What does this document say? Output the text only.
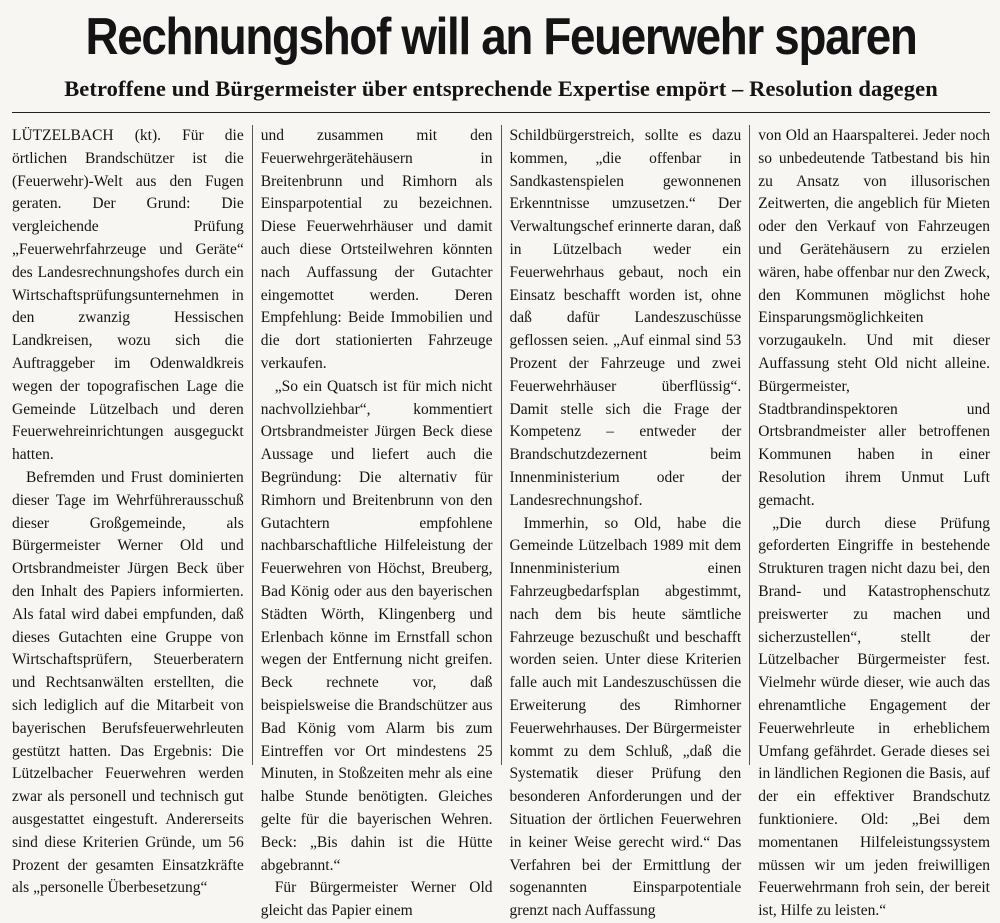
Rechnungshof will an Feuerwehr sparen
Betroffene und Bürgermeister über entsprechende Expertise empört – Resolution dagegen

LÜTZELBACH (kt). Für die örtlichen Brandschützer ist die (Feuerwehr)-Welt aus den Fugen geraten. Der Grund: Die vergleichende Prüfung „Feuerwehrfahrzeuge und Geräte“ des Landesrechnungshofes durch ein Wirtschaftsprüfungsunternehmen in den zwanzig Hessischen Landkreisen, wozu sich die Auftraggeber im Odenwaldkreis wegen der topografischen Lage die Gemeinde Lützelbach und deren Feuerwehreinrichtungen ausgeguckt hatten.

Befremden und Frust dominierten dieser Tage im Wehrführerausschuß dieser Großgemeinde, als Bürgermeister Werner Old und Ortsbrandmeister Jürgen Beck über den Inhalt des Papiers informierten. Als fatal wird dabei empfunden, daß dieses Gutachten eine Gruppe von Wirtschaftsprüfern, Steuerberatern und Rechtsanwälten erstellten, die sich lediglich auf die Mitarbeit von bayerischen Berufsfeuerwehrleuten gestützt hatten. Das Ergebnis: Die Lützelbacher Feuerwehren werden zwar als personell und technisch gut ausgestattet eingestuft. Andererseits sind diese Kriterien Gründe, um 56 Prozent der gesamten Einsatzkräfte als „personelle Überbesetzung“

und zusammen mit den Feuerwehrgerätehäusern in Breitenbrunn und Rimhorn als Einsparpotential zu bezeichnen. Diese Feuerwehrhäuser und damit auch diese Ortsteilwehren könnten nach Auffassung der Gutachter eingemottet werden. Deren Empfehlung: Beide Immobilien und die dort stationierten Fahrzeuge verkaufen.

„So ein Quatsch ist für mich nicht nachvollziehbar“, kommentiert Ortsbrandmeister Jürgen Beck diese Aussage und liefert auch die Begründung: Die alternativ für Rimhorn und Breitenbrunn von den Gutachtern empfohlene nachbarschaftliche Hilfeleistung der Feuerwehren von Höchst, Breuberg, Bad König oder aus den bayerischen Städten Wörth, Klingenberg und Erlenbach könne im Ernstfall schon wegen der Entfernung nicht greifen. Beck rechnete vor, daß beispielsweise die Brandschützer aus Bad König vom Alarm bis zum Eintreffen vor Ort mindestens 25 Minuten, in Stoßzeiten mehr als eine halbe Stunde benötigten. Gleiches gelte für die bayerischen Wehren. Beck: „Bis dahin ist die Hütte abgebrannt.“

Für Bürgermeister Werner Old gleicht das Papier einem

Schildbürgerstreich, sollte es dazu kommen, „die offenbar in Sandkastenspielen gewonnenen Erkenntnisse umzusetzen.“ Der Verwaltungschef erinnerte daran, daß in Lützelbach weder ein Feuerwehrhaus gebaut, noch ein Einsatz beschafft worden ist, ohne daß dafür Landeszuschüsse geflossen seien. „Auf einmal sind 53 Prozent der Fahrzeuge und zwei Feuerwehrhäuser überflüssig“. Damit stelle sich die Frage der Kompetenz – entweder der Brandschutzdezernent beim Innenministerium oder der Landesrechnungshof.

Immerhin, so Old, habe die Gemeinde Lützelbach 1989 mit dem Innenministerium einen Fahrzeugbedarfsplan abgestimmt, nach dem bis heute sämtliche Fahrzeuge bezuschußt und beschafft worden seien. Unter diese Kriterien falle auch mit Landeszuschüssen die Erweiterung des Rimhorner Feuerwehrhauses. Der Bürgermeister kommt zu dem Schluß, „daß die Systematik dieser Prüfung den besonderen Anforderungen und der Situation der örtlichen Feuerwehren in keiner Weise gerecht wird.“ Das Verfahren bei der Ermittlung der sogenannten Einsparpotentiale grenzt nach Auffassung

von Old an Haarspalterei. Jeder noch so unbedeutende Tatbestand bis hin zu Ansatz von illusorischen Zeitwerten, die angeblich für Mieten oder den Verkauf von Fahrzeugen und Gerätehäusern zu erzielen wären, habe offenbar nur den Zweck, den Kommunen möglichst hohe Einsparungsmöglichkeiten vorzugaukeln. Und mit dieser Auffassung steht Old nicht alleine. Bürgermeister, Stadtbrandinspektoren und Ortsbrandmeister aller betroffenen Kommunen haben in einer Resolution ihrem Unmut Luft gemacht.

„Die durch diese Prüfung geforderten Eingriffe in bestehende Strukturen tragen nicht dazu bei, den Brand- und Katastrophenschutz preiswerter zu machen und sicherzustellen“, stellt der Lützelbacher Bürgermeister fest. Vielmehr würde dieser, wie auch das ehrenamtliche Engagement der Feuerwehrleute in erheblichem Umfang gefährdet. Gerade dieses sei in ländlichen Regionen die Basis, auf der ein effektiver Brandschutz funktioniere. Old: „Bei dem momentanen Hilfeleistungssystem müssen wir um jeden freiwilligen Feuerwehrmann froh sein, der bereit ist, Hilfe zu leisten.“
